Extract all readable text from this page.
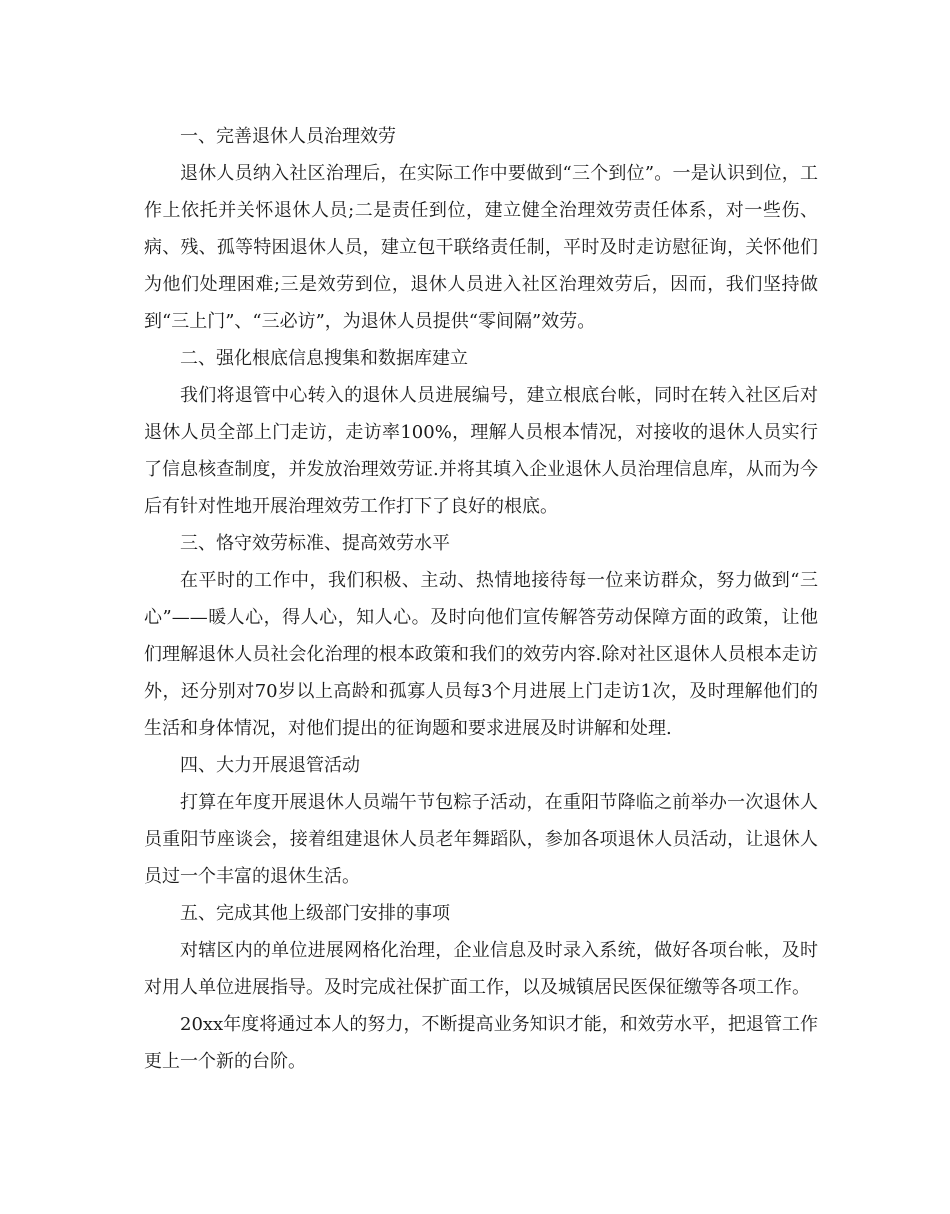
一、完善退休人员治理效劳

退休人员纳入社区治理后，在实际工作中要做到“三个到位”。一是认识到位，工作上依托并关怀退休人员;二是责任到位，建立健全治理效劳责任体系，对一些伤、病、残、孤等特困退休人员，建立包干联络责任制，平时及时走访慰征询，关怀他们为他们处理困难;三是效劳到位，退休人员进入社区治理效劳后，因而，我们坚持做到“三上门”、“三必访”，为退休人员提供“零间隔”效劳。

二、强化根底信息搜集和数据库建立

我们将退管中心转入的退休人员进展编号，建立根底台帐，同时在转入社区后对退休人员全部上门走访，走访率100%，理解人员根本情况，对接收的退休人员实行了信息核查制度，并发放治理效劳证.并将其填入企业退休人员治理信息库，从而为今后有针对性地开展治理效劳工作打下了良好的根底。

三、恪守效劳标准、提高效劳水平

在平时的工作中，我们积极、主动、热情地接待每一位来访群众，努力做到“三心”——暖人心，得人心，知人心。及时向他们宣传解答劳动保障方面的政策，让他们理解退休人员社会化治理的根本政策和我们的效劳内容.除对社区退休人员根本走访外，还分别对70岁以上高龄和孤寡人员每3个月进展上门走访1次，及时理解他们的生活和身体情况，对他们提出的征询题和要求进展及时讲解和处理.

四、大力开展退管活动

打算在年度开展退休人员端午节包粽子活动，在重阳节降临之前举办一次退休人员重阳节座谈会，接着组建退休人员老年舞蹈队，参加各项退休人员活动，让退休人员过一个丰富的退休生活。

五、完成其他上级部门安排的事项

对辖区内的单位进展网格化治理，企业信息及时录入系统，做好各项台帐，及时对用人单位进展指导。及时完成社保扩面工作，以及城镇居民医保征缴等各项工作。

20xx年度将通过本人的努力，不断提高业务知识才能，和效劳水平，把退管工作更上一个新的台阶。
